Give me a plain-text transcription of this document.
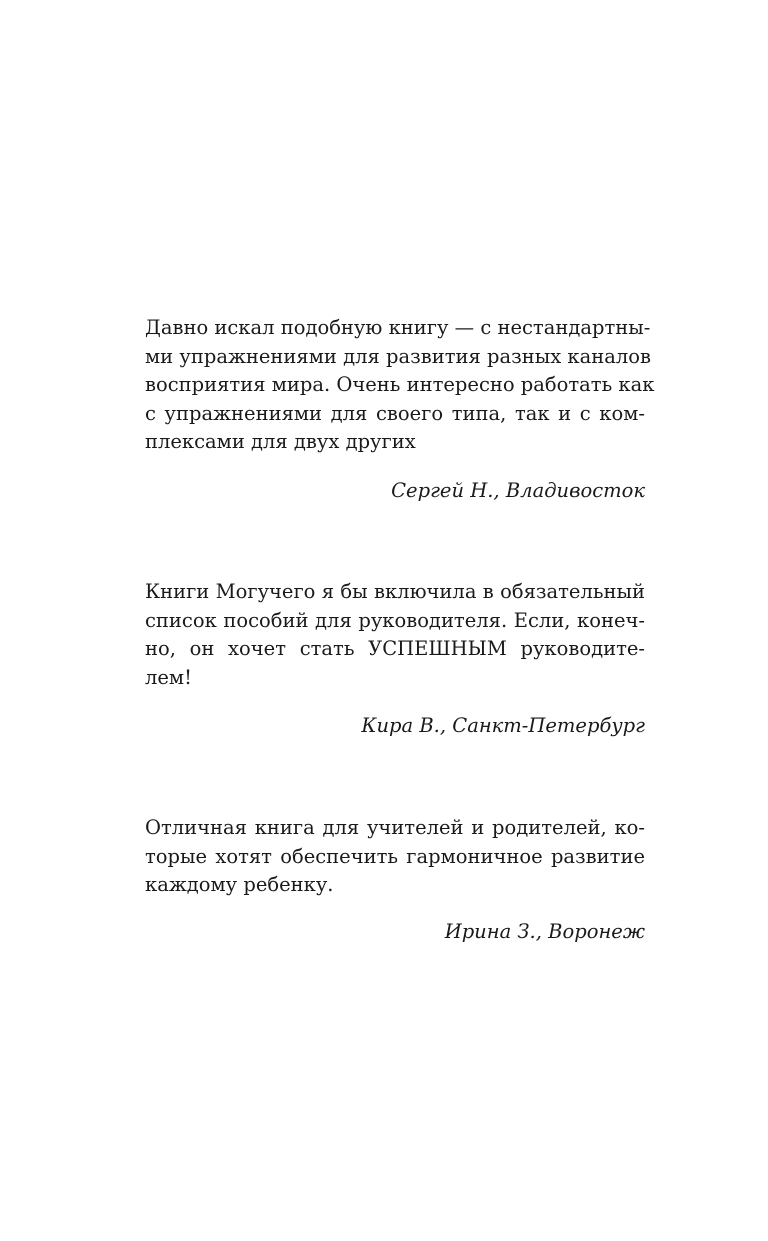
Давно искал подобную книгу — с нестандартны-
ми упражнениями для развития разных каналов
восприятия мира. Очень интересно работать как
с упражнениями для своего типа, так и с ком-
плексами для двух других

Сергей Н., Владивосток

Книги Могучего я бы включила в обязательный
список пособий для руководителя. Если, конеч-
но, он хочет стать УСПЕШНЫМ руководите-
лем!

Кира В., Санкт-Петербург

Отличная книга для учителей и родителей, ко-
торые хотят обеспечить гармоничное развитие
каждому ребенку.

Ирина З., Воронеж
